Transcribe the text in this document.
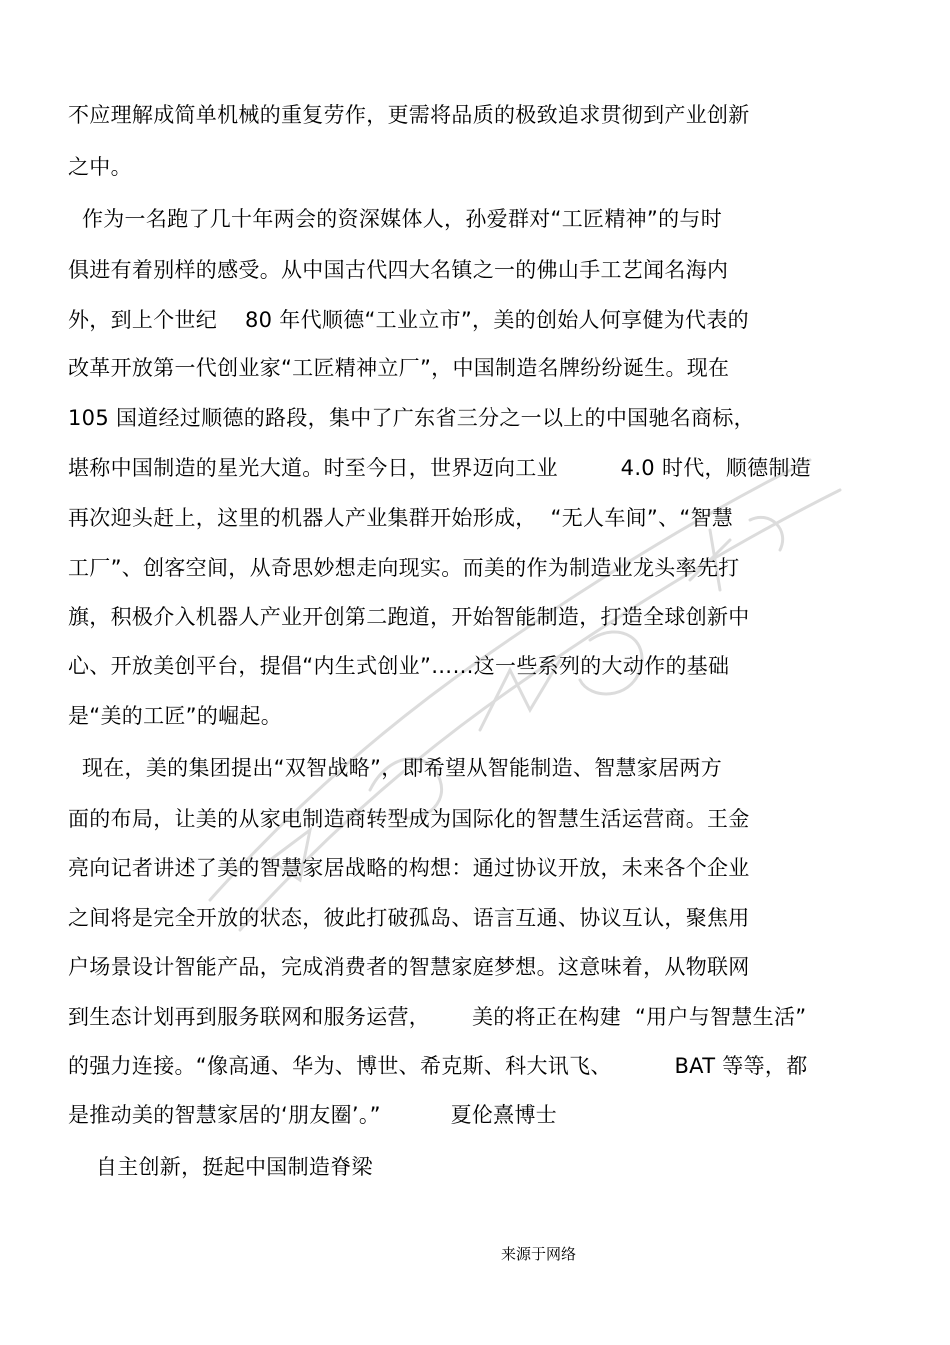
不应理解成简单机械的重复劳作，更需将品质的极致追求贯彻到产业创新
之中。
作为一名跑了几十年两会的资深媒体人，孙爱群对“工匠精神”的与时
俱进有着别样的感受。从中国古代四大名镇之一的佛山手工艺闻名海内
外，到上个世纪    80 年代顺德“工业立市”，美的创始人何享健为代表的
改革开放第一代创业家“工匠精神立厂”，中国制造名牌纷纷诞生。现在
105 国道经过顺德的路段，集中了广东省三分之一以上的中国驰名商标，
堪称中国制造的星光大道。时至今日，世界迈向工业         4.0 时代，顺德制造
再次迎头赶上，这里的机器人产业集群开始形成，  “无人车间”、“智慧
工厂”、创客空间，从奇思妙想走向现实。而美的作为制造业龙头率先打
旗，积极介入机器人产业开创第二跑道，开始智能制造，打造全球创新中
心、开放美创平台，提倡“内生式创业”……这一些系列的大动作的基础
是“美的工匠”的崛起。
现在，美的集团提出“双智战略”，即希望从智能制造、智慧家居两方
面的布局，让美的从家电制造商转型成为国际化的智慧生活运营商。王金
亮向记者讲述了美的智慧家居战略的构想：通过协议开放，未来各个企业
之间将是完全开放的状态，彼此打破孤岛、语言互通、协议互认，聚焦用
户场景设计智能产品，完成消费者的智慧家庭梦想。这意味着，从物联网
到生态计划再到服务联网和服务运营，      美的将正在构建  “用户与智慧生活”
的强力连接。“像高通、华为、博世、希克斯、科大讯飞、         BAT 等等，都
是推动美的智慧家居的‘朋友圈’。”          夏伦熹博士
自主创新，挺起中国制造脊梁
来源于网络
